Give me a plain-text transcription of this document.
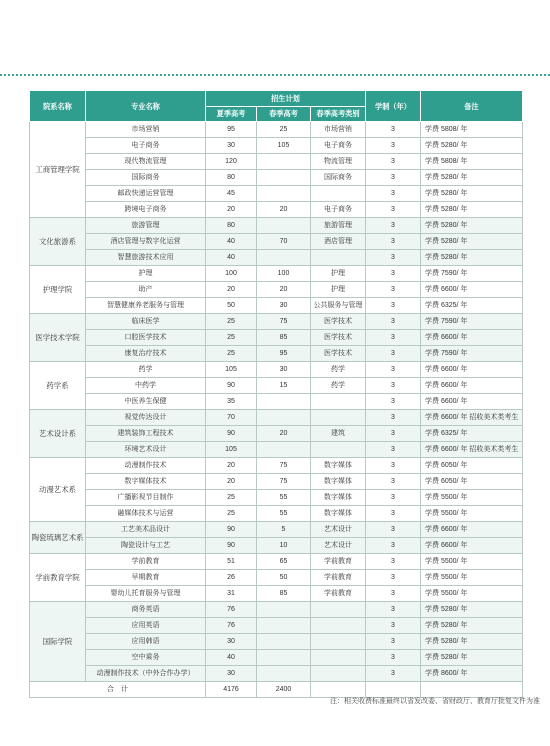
院系名称	专业名称	招生计划			学制（年）	备注
		夏季高考	春季高考	春季高考类别		
工商管理学院	市场营销	95	25	市场营销	3	学费 5808/ 年
	电子商务	30	105	电子商务	3	学费 5280/ 年
	现代物流管理	120		物流管理	3	学费 5808/ 年
	国际商务	80		国际商务	3	学费 5280/ 年
	邮政快递运营管理	45			3	学费 5280/ 年
	跨境电子商务	20	20	电子商务	3	学费 5280/ 年
文化旅游系	旅游管理	80		旅游管理	3	学费 5280/ 年
	酒店管理与数字化运营	40	70	酒店管理	3	学费 5280/ 年
	智慧旅游技术应用	40			3	学费 5280/ 年
护理学院	护理	100	100	护理	3	学费 7590/ 年
	助产	20	20	护理	3	学费 6600/ 年
	智慧健康养老服务与管理	50	30	公共服务与管理	3	学费 6325/ 年
医学技术学院	临床医学	25	75	医学技术	3	学费 7590/ 年
	口腔医学技术	25	85	医学技术	3	学费 6600/ 年
	康复治疗技术	25	95	医学技术	3	学费 7590/ 年
药学系	药学	105	30	药学	3	学费 6600/ 年
	中药学	90	15	药学	3	学费 6600/ 年
	中医养生保健	35			3	学费 6600/ 年
艺术设计系	视觉传达设计	70			3	学费 6600/ 年 招收美术类考生
	建筑装饰工程技术	90	20	建筑	3	学费 6325/ 年
	环境艺术设计	105			3	学费 6600/ 年 招收美术类考生
动漫艺术系	动漫制作技术	20	75	数字媒体	3	学费 6050/ 年
	数字媒体技术	20	75	数字媒体	3	学费 6050/ 年
	广播影视节目制作	25	55	数字媒体	3	学费 5500/ 年
	融媒体技术与运营	25	55	数字媒体	3	学费 5500/ 年
陶瓷琉璃艺术系	工艺美术品设计	90	5	艺术设计	3	学费 6600/ 年
	陶瓷设计与工艺	90	10	艺术设计	3	学费 6600/ 年
学前教育学院	学前教育	51	65	学前教育	3	学费 5500/ 年
	早期教育	26	50	学前教育	3	学费 5500/ 年
	婴幼儿托育服务与管理	31	85	学前教育	3	学费 5500/ 年
国际学院	商务英语	76			3	学费 5280/ 年
	应用英语	76			3	学费 5280/ 年
	应用韩语	30			3	学费 5280/ 年
	空中乘务	40			3	学费 5280/ 年
	动漫制作技术（中外合作办学）	30			3	学费 8600/ 年
合　计		4176	2400			
注：相关收费标准最终以省发改委、省财政厅、教育厅批复文件为准
